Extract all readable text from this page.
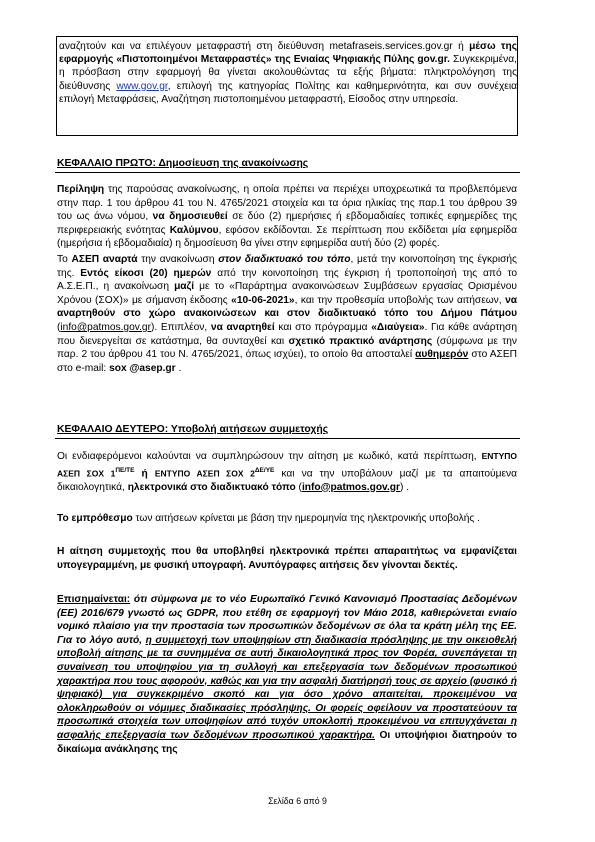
αναζητούν και να επιλέγουν μεταφραστή στη διεύθυνση metafraseis.services.gov.gr ή μέσω της εφαρμογής «Πιστοποιημένοι Μεταφραστές» της Ενιαίας Ψηφιακής Πύλης gov.gr. Συγκεκριμένα, η πρόσβαση στην εφαρμογή θα γίνεται ακολουθώντας τα εξής βήματα: πληκτρολόγηση της διεύθυνσης www.gov.gr, επιλογή της κατηγορίας Πολίτης και καθημερινότητα, και συν συνέχεια επιλογή Μεταφράσεις, Αναζήτηση πιστοποιημένου μεταφραστή, Είσοδος στην υπηρεσία.

ΚΕΦΑΛΑΙΟ ΠΡΩΤΟ: Δημοσίευση της ανακοίνωσης

Περίληψη της παρούσας ανακοίνωσης, η οποία πρέπει να περιέχει υποχρεωτικά τα προβλεπόμενα στην παρ. 1 του άρθρου 41 του Ν. 4765/2021 στοιχεία και τα όρια ηλικίας της παρ.1 του άρθρου 39 του ως άνω νόμου, να δημοσιευθεί σε δύο (2) ημερήσιες ή εβδομαδιαίες τοπικές εφημερίδες της περιφερειακής ενότητας Καλύμνου, εφόσον εκδίδονται. Σε περίπτωση που εκδίδεται μία εφημερίδα (ημερήσια ή εβδομαδιαία) η δημοσίευση θα γίνει στην εφημερίδα αυτή δύο (2) φορές.

Το ΑΣΕΠ αναρτά την ανακοίνωση στον διαδικτυακό του τόπο, μετά την κοινοποίηση της έγκρισής της. Εντός είκοσι (20) ημερών από την κοινοποίηση της έγκριση ή τροποποίησή της από το Α.Σ.Ε.Π., η ανακοίνωση μαζί με το «Παράρτημα ανακοινώσεων Συμβάσεων εργασίας Ορισμένου Χρόνου (ΣΟΧ)» με σήμανση έκδοσης «10-06-2021», και την προθεσμία υποβολής των αιτήσεων, να αναρτηθούν στο χώρο ανακοινώσεων και στον διαδικτυακό τόπο του Δήμου Πάτμου (info@patmos.gov.gr). Επιπλέον, να αναρτηθεί και στο πρόγραμμα «Διαύγεια». Για κάθε ανάρτηση που διενεργείται σε κατάστημα, θα συνταχθεί και σχετικό πρακτικό ανάρτησης (σύμφωνα με την παρ. 2 του άρθρου 41 του Ν. 4765/2021, όπως ισχύει), το οποίο θα αποσταλεί αυθημερόν στο ΑΣΕΠ στο e-mail: sox @asep.gr .

ΚΕΦΑΛΑΙΟ ΔΕΥΤΕΡΟ: Υποβολή αιτήσεων συμμετοχής

Οι ενδιαφερόμενοι καλούνται να συμπληρώσουν την αίτηση με κωδικό, κατά περίπτωση, ΕΝΤΥΠΟ ΑΣΕΠ ΣΟΧ $1^{\Pi E/TE}$ ή ΕΝΤΥΠΟ ΑΣΕΠ ΣΟΧ $2^{\Delta E/\Upsilon E}$ και να την υποβάλουν μαζί με τα απαιτούμενα δικαιολογητικά, ηλεκτρονικά στο διαδικτυακό τόπο (info@patmos.gov.gr) .

Το εμπρόθεσμο των αιτήσεων κρίνεται με βάση την ημερομηνία της ηλεκτρονικής υποβολής .

Η αίτηση συμμετοχής που θα υποβληθεί ηλεκτρονικά πρέπει απαραιτήτως να εμφανίζεται υπογεγραμμένη, με φυσική υπογραφή. Ανυπόγραφες αιτήσεις δεν γίνονται δεκτές.

Επισημαίνεται: ότι σύμφωνα με το νέο Ευρωπαϊκό Γενικό Κανονισμό Προστασίας Δεδομένων (ΕΕ) 2016/679 γνωστό ως GDPR, που ετέθη σε εφαρμογή τον Μάιο 2018, καθιερώνεται ενιαίο νομικό πλαίσιο για την προστασία των προσωπικών δεδομένων σε όλα τα κράτη μέλη της ΕΕ. Για το λόγο αυτό, η συμμετοχή των υποψηφίων στη διαδικασία πρόσληψης με την οικειοθελή υποβολή αίτησης με τα συνημμένα σε αυτή δικαιολογητικά προς τον Φορέα, συνεπάγεται τη συναίνεση του υποψηφίου για τη συλλογή και επεξεργασία των δεδομένων προσωπικού χαρακτήρα που τους αφορούν, καθώς και για την ασφαλή διατήρησή τους σε αρχείο (φυσικό ή ψηφιακό) για συγκεκριμένο σκοπό και για όσο χρόνο απαιτείται, προκειμένου να ολοκληρωθούν οι νόμιμες διαδικασίες πρόσληψης. Οι φορείς οφείλουν να προστατεύουν τα προσωπικά στοιχεία των υποψηφίων από τυχόν υποκλοπή προκειμένου να επιτυγχάνεται η ασφαλής επεξεργασία των δεδομένων προσωπικού χαρακτήρα. Οι υποψήφιοι διατηρούν το δικαίωμα ανάκλησης της

Σελίδα 6 από 9
